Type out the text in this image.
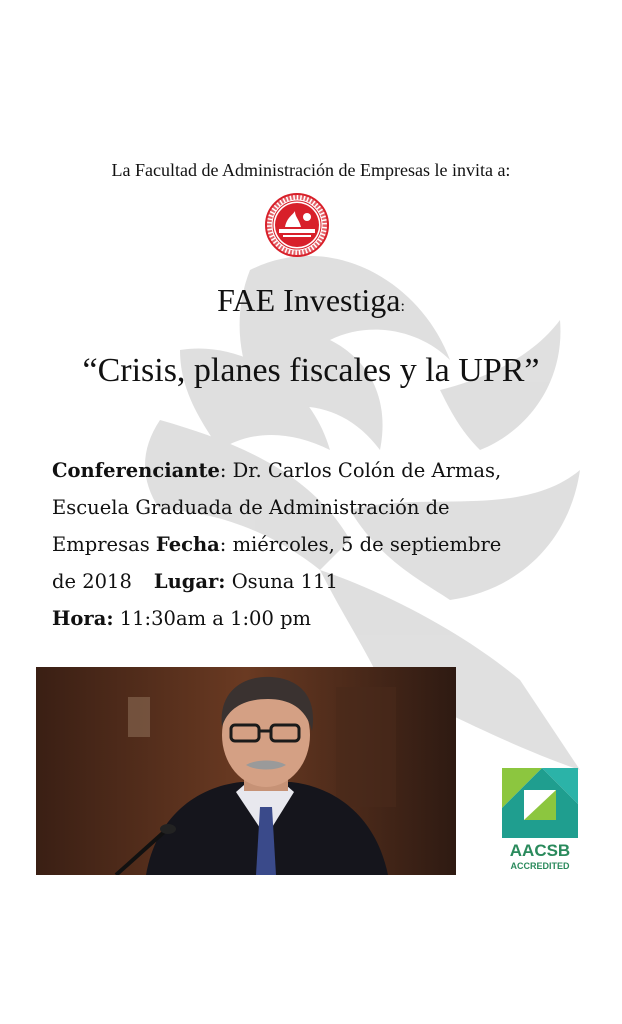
La Facultad de Administración de Empresas le invita a:
FAE Investiga:
“Crisis, planes fiscales y la UPR”
Conferenciante: Dr. Carlos Colón de Armas,
Escuela Graduada de Administración de
Empresas Fecha: miércoles, 5 de septiembre
de 2018 Lugar: Osuna 111
Hora: 11:30am a 1:00 pm
AACSB
ACCREDITED
